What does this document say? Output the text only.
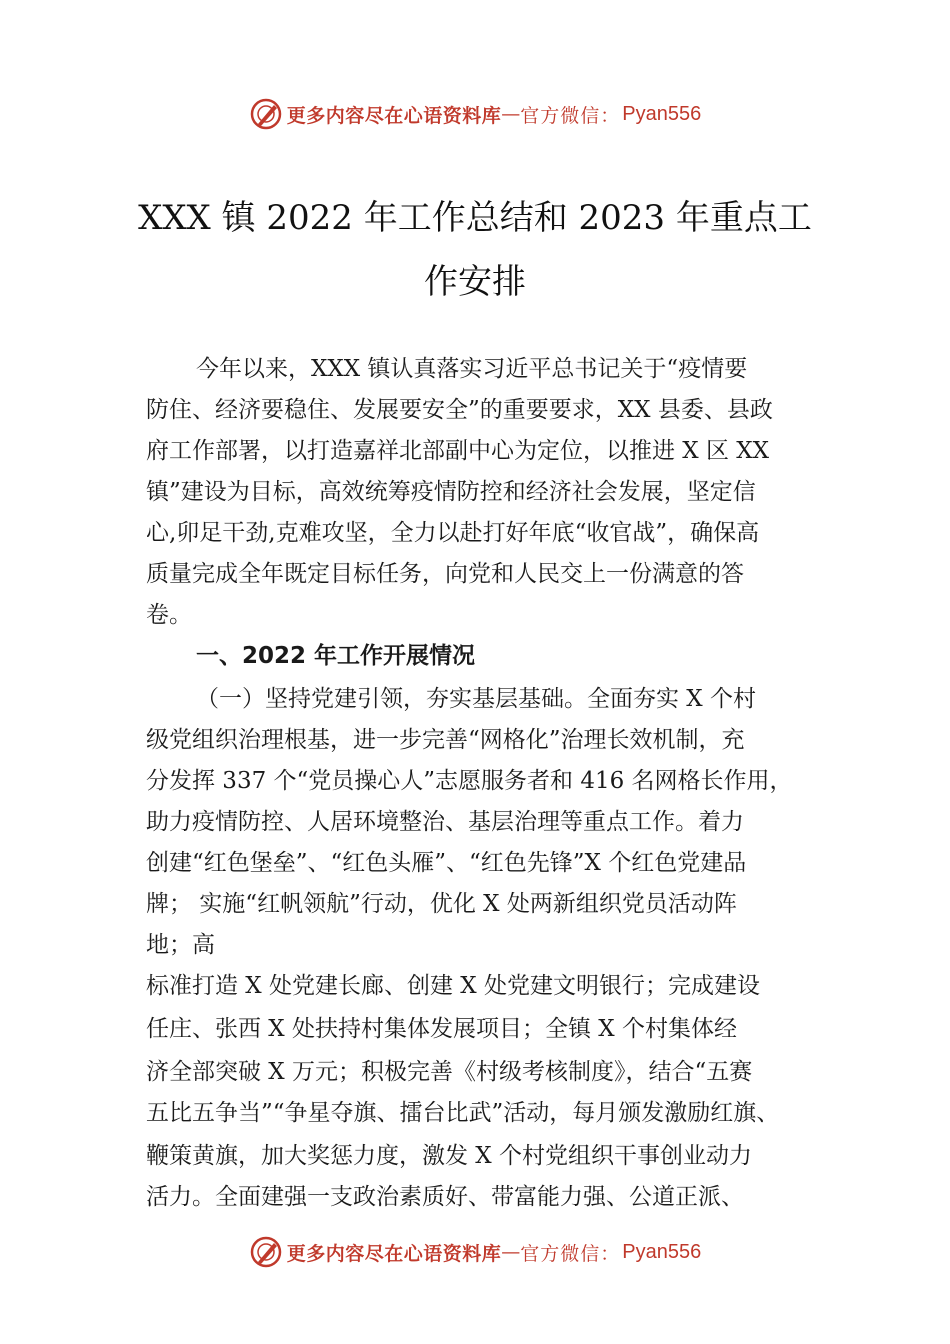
更多内容尽在心语资料库 — 官方微信： Pyan556
XXX 镇 2022 年工作总结和 2023 年重点工
作安排
今年以来，XXX 镇认真落实习近平总书记关于“疫情要
防住、经济要稳住、发展要安全”的重要要求，XX 县委、县政
府工作部署，以打造嘉祥北部副中心为定位，以推进 X 区 XX
镇”建设为目标，高效统筹疫情防控和经济社会发展，坚定信
心,卯足干劲,克难攻坚，全力以赴打好年底“收官战”，确保高
质量完成全年既定目标任务，向党和人民交上一份满意的答
卷。
一、2022 年工作开展情况
（一）坚持党建引领，夯实基层基础。全面夯实 X 个村
级党组织治理根基，进一步完善“网格化”治理长效机制，充
分发挥 337 个“党员操心人”志愿服务者和 416 名网格长作用，
助力疫情防控、人居环境整治、基层治理等重点工作。着力
创建“红色堡垒”、“红色头雁”、“红色先锋”X 个红色党建品
牌； 实施“红帆领航”行动，优化 X 处两新组织党员活动阵
地；高
标准打造 X 处党建长廊、创建 X 处党建文明银行；完成建设
任庄、张西 X 处扶持村集体发展项目；全镇 X 个村集体经
济全部突破 X 万元；积极完善《村级考核制度》，结合“五赛
五比五争当”“争星夺旗、擂台比武”活动，每月颁发激励红旗、
鞭策黄旗，加大奖惩力度，激发 X 个村党组织干事创业动力
活力。全面建强一支政治素质好、带富能力强、公道正派、
更多内容尽在心语资料库 — 官方微信： Pyan556
